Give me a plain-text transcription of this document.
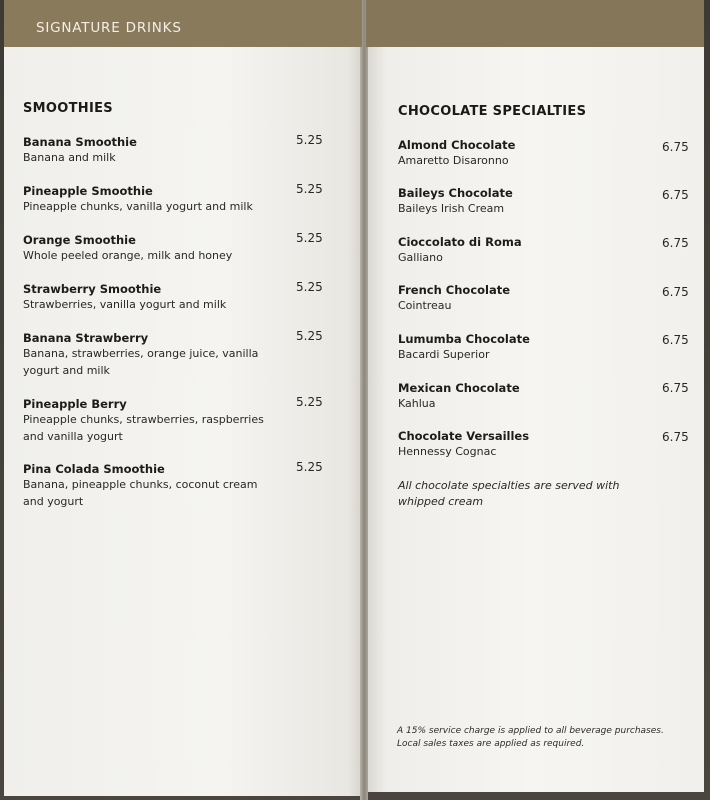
SIGNATURE DRINKS
SMOOTHIES
Banana Smoothie
Banana and milk
5.25
Pineapple Smoothie
Pineapple chunks, vanilla yogurt and milk
5.25
Orange Smoothie
Whole peeled orange, milk and honey
5.25
Strawberry Smoothie
Strawberries, vanilla yogurt and milk
5.25
Banana Strawberry
Banana, strawberries, orange juice, vanilla yogurt and milk
5.25
Pineapple Berry
Pineapple chunks, strawberries, raspberries and vanilla yogurt
5.25
Pina Colada Smoothie
Banana, pineapple chunks, coconut cream and yogurt
5.25
CHOCOLATE SPECIALTIES
Almond Chocolate
Amaretto Disaronno
6.75
Baileys Chocolate
Baileys Irish Cream
6.75
Cioccolato di Roma
Galliano
6.75
French Chocolate
Cointreau
6.75
Lumumba Chocolate
Bacardi Superior
6.75
Mexican Chocolate
Kahlua
6.75
Chocolate Versailles
Hennessy Cognac
6.75
All chocolate specialties are served with whipped cream
A 15% service charge is applied to all beverage purchases.
Local sales taxes are applied as required.
